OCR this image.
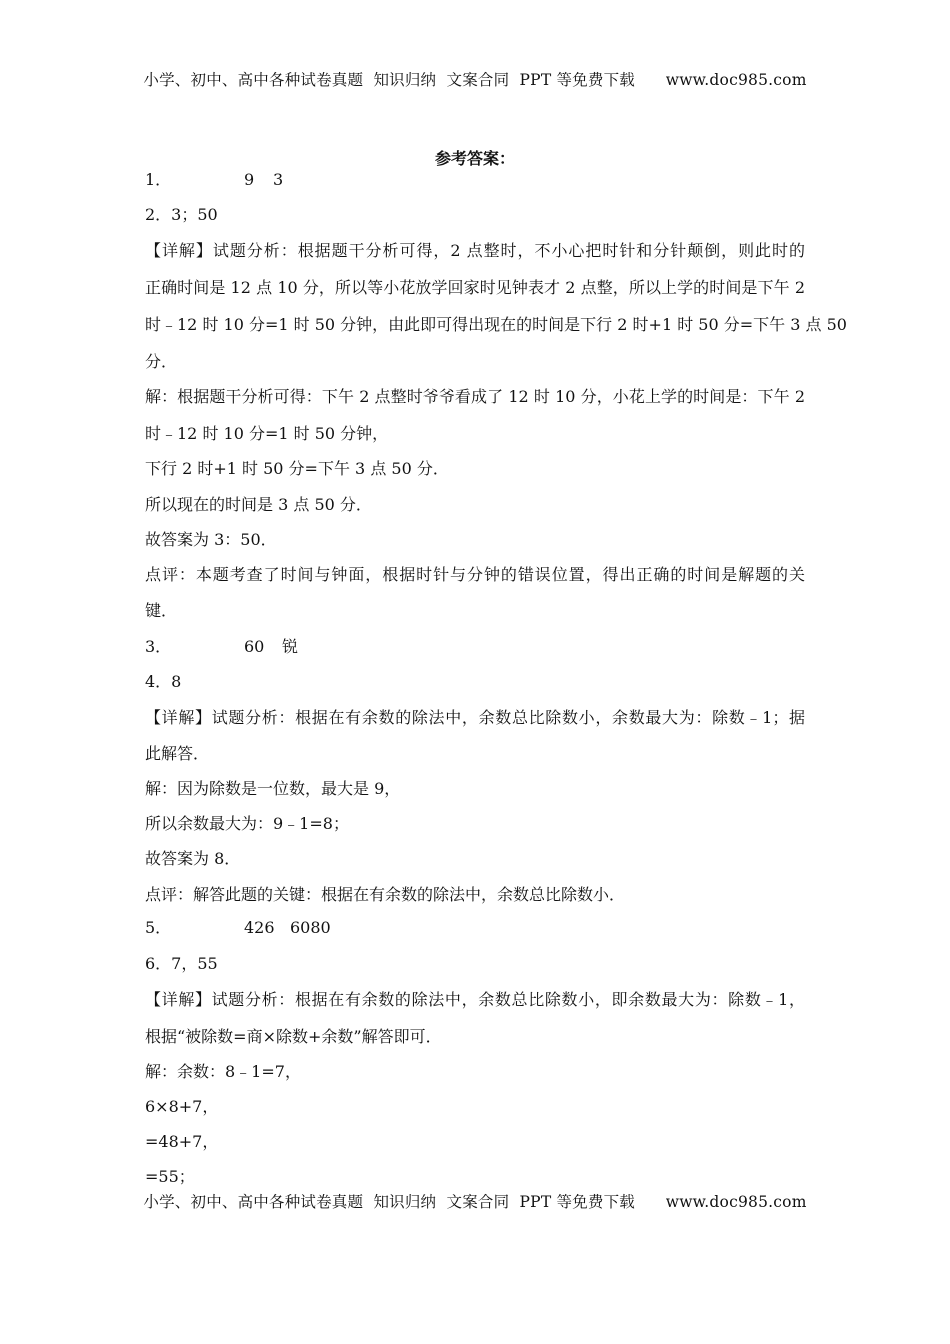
小学、初中、高中各种试卷真题  知识归纳  文案合同  PPT 等免费下载      www.doc985.com
参考答案：
1．	9 3
2．3；50
【详解】试题分析：根据题干分析可得，2 点整时，不小心把时针和分针颠倒，则此时的
正确时间是 12 点 10 分，所以等小花放学回家时见钟表才 2 点整，所以上学的时间是下午 2
时﹣12 时 10 分=1 时 50 分钟，由此即可得出现在的时间是下行 2 时+1 时 50 分=下午 3 点 50
分．
解：根据题干分析可得：下午 2 点整时爷爷看成了 12 时 10 分，小花上学的时间是：下午 2
时﹣12 时 10 分=1 时 50 分钟，
下行 2 时+1 时 50 分=下午 3 点 50 分．
所以现在的时间是 3 点 50 分．
故答案为 3：50．
点评：本题考查了时间与钟面，根据时针与分钟的错误位置，得出正确的时间是解题的关
键．
3．	60 锐
4．8
【详解】试题分析：根据在有余数的除法中，余数总比除数小，余数最大为：除数﹣1；据
此解答．
解：因为除数是一位数，最大是 9，
所以余数最大为：9﹣1=8；
故答案为 8．
点评：解答此题的关键：根据在有余数的除法中，余数总比除数小．
5．	426 6080
6．7，55
【详解】试题分析：根据在有余数的除法中，余数总比除数小，即余数最大为：除数﹣1，
根据“被除数=商×除数+余数”解答即可．
解：余数：8﹣1=7，
6×8+7，
=48+7，
=55；
小学、初中、高中各种试卷真题  知识归纳  文案合同  PPT 等免费下载      www.doc985.com
